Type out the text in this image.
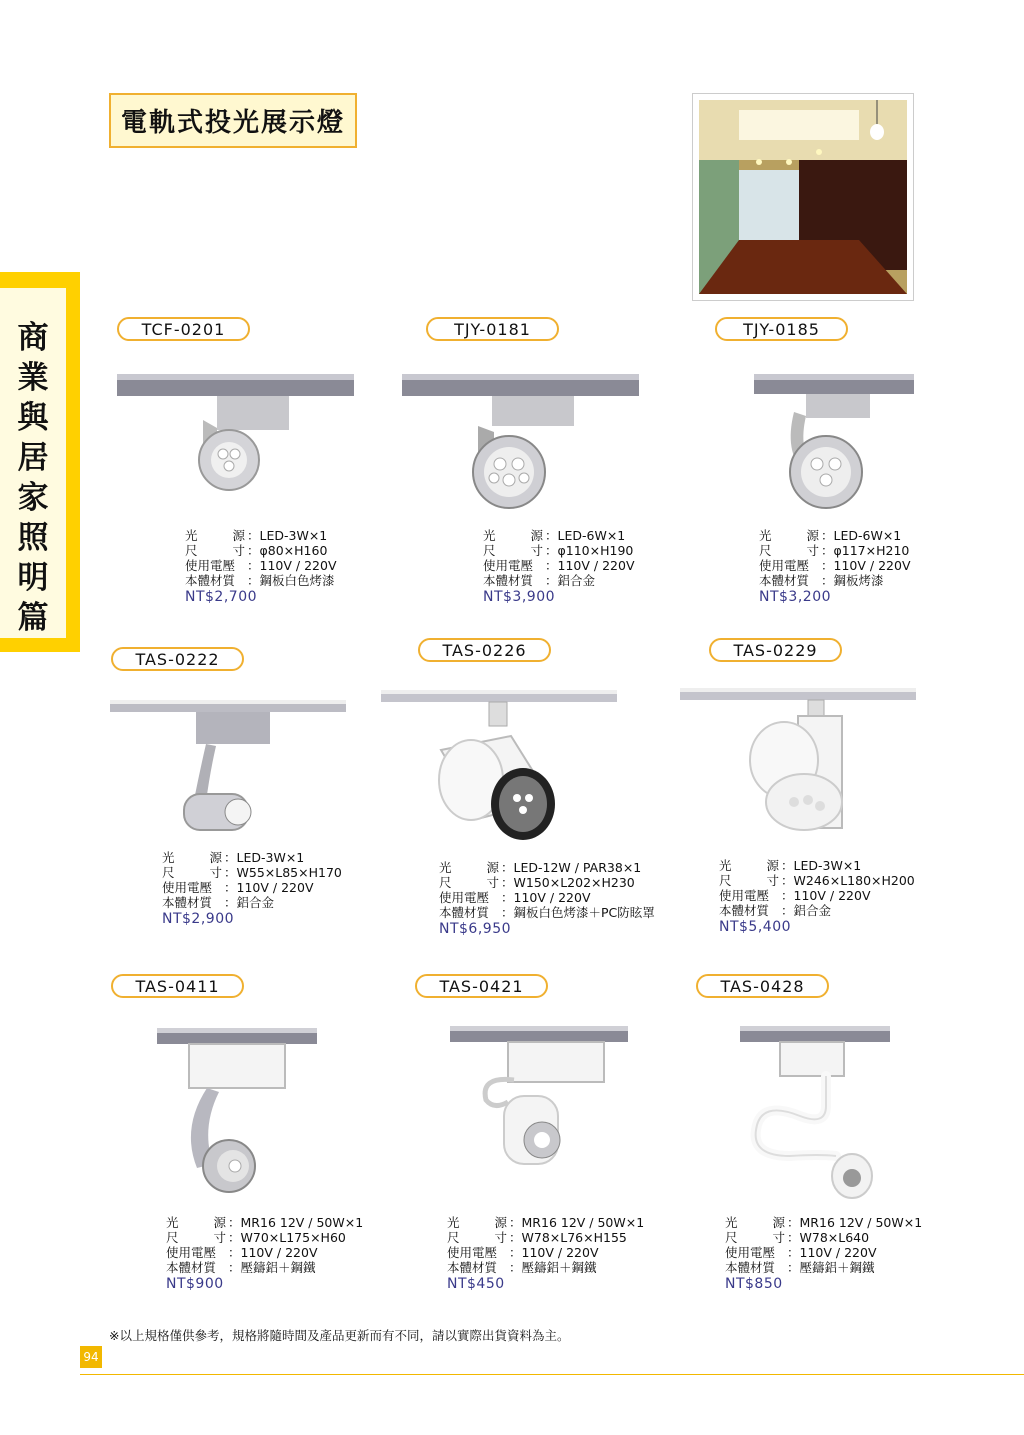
電軌式投光展示燈
商業與居家照明篇
TCF-0201	TJY-0181	TJY-0185
光	源 ： LED-3W×1
尺	寸 ： φ80×H160
使用電壓 ： 110V / 220V
本體材質 ： 鋼板白色烤漆
NT$2,700
光	源 ： LED-6W×1
尺	寸 ： φ110×H190
使用電壓 ： 110V / 220V
本體材質 ： 鋁合金
NT$3,900
光	源 ： LED-6W×1
尺	寸 ： φ117×H210
使用電壓 ： 110V / 220V
本體材質 ： 鋼板烤漆
NT$3,200
TAS-0222	TAS-0226	TAS-0229
光	源 ： LED-3W×1
尺	寸 ： W55×L85×H170
使用電壓 ： 110V / 220V
本體材質 ： 鋁合金
NT$2,900
光	源 ： LED-12W / PAR38×1
尺	寸 ： W150×L202×H230
使用電壓 ： 110V / 220V
本體材質 ： 鋼板白色烤漆＋PC防眩罩
NT$6,950
光	源 ： LED-3W×1
尺	寸 ： W246×L180×H200
使用電壓 ： 110V / 220V
本體材質 ： 鋁合金
NT$5,400
TAS-0411	TAS-0421	TAS-0428
光	源 ： MR16 12V / 50W×1
尺	寸 ： W70×L175×H60
使用電壓 ： 110V / 220V
本體材質 ： 壓鑄鋁＋鋼鐵
NT$900
光	源 ： MR16 12V / 50W×1
尺	寸 ： W78×L76×H155
使用電壓 ： 110V / 220V
本體材質 ： 壓鑄鋁＋鋼鐵
NT$450
光	源 ： MR16 12V / 50W×1
尺	寸 ： W78×L640
使用電壓 ： 110V / 220V
本體材質 ： 壓鑄鋁＋鋼鐵
NT$850
※以上規格僅供參考，規格將隨時間及產品更新而有不同，請以實際出貨資料為主。
94
